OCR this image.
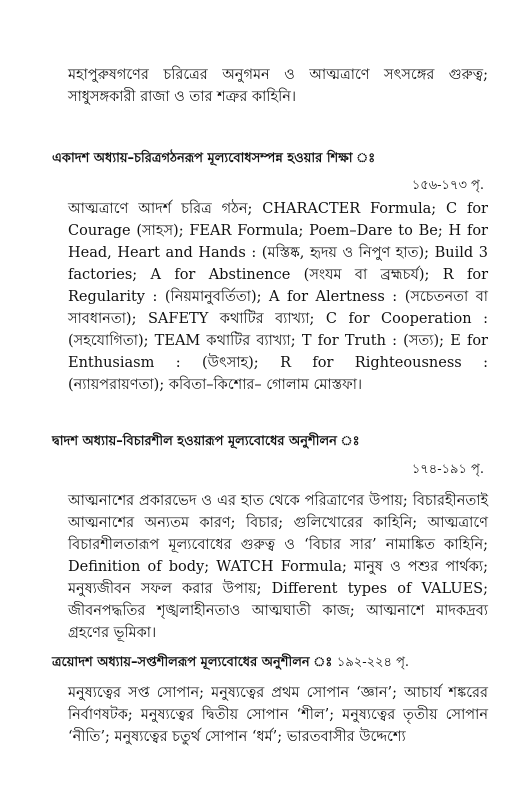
মহাপুরুষগণের চরিত্রের অনুগমন ও আত্মত্রাণে সৎসঙ্গের গুরুত্ব; সাধুসঙ্গকারী রাজা ও তার শত্রুর কাহিনি।
একাদশ অধ্যায়–চরিত্রগঠনরূপ মূল্যবোধসম্পন্ন হওয়ার শিক্ষা ঃ
১৫৬-১৭৩ পৃ.
আত্মত্রাণে আদর্শ চরিত্র গঠন; CHARACTER Formula; C for Courage (সাহস); FEAR Formula; Poem–Dare to Be; H for Head, Heart and Hands : (মস্তিষ্ক, হৃদয় ও নিপুণ হাত); Build 3 factories; A for Abstinence (সংযম বা ব্রহ্মচর্য); R for Regularity : (নিয়মানুবর্তিতা); A for Alertness : (সচেতনতা বা সাবধানতা); SAFETY কথাটির ব্যাখ্যা; C for Cooperation : (সহযোগিতা); TEAM কথাটির ব্যাখ্যা; T for Truth : (সত্য); E for Enthusiasm : (উৎসাহ); R for Righteousness : (ন্যায়পরায়ণতা); কবিতা–কিশোর– গোলাম মোস্তফা।
দ্বাদশ অধ্যায়–বিচারশীল হওয়ারূপ মূল্যবোধের অনুশীলন ঃ
১৭৪-১৯১ পৃ.
আত্মনাশের প্রকারভেদ ও এর হাত থেকে পরিত্রাণের উপায়; বিচারহীনতাই আত্মনাশের অন্যতম কারণ; বিচার; গুলিখোরের কাহিনি; আত্মত্রাণে বিচারশীলতারূপ মূল্যবোধের গুরুত্ব ও ‘বিচার সার’ নামাঙ্কিত কাহিনি; Definition of body; WATCH Formula; মানুষ ও পশুর পার্থক্য; মনুষ্যজীবন সফল করার উপায়; Different types of VALUES; জীবনপদ্ধতির শৃঙ্খলাহীনতাও আত্মঘাতী কাজ; আত্মনাশে মাদকদ্রব্য গ্রহণের ভূমিকা।
ত্রয়োদশ অধ্যায়–সপ্তশীলরূপ মূল্যবোধের অনুশীলন ঃ ১৯২-২২৪ পৃ.
মনুষ্যত্বের সপ্ত সোপান; মনুষ্যত্বের প্রথম সোপান ‘জ্ঞান’; আচার্য শঙ্করের নির্বাণষটক; মনুষ্যত্বের দ্বিতীয় সোপান ‘শীল’; মনুষ্যত্বের তৃতীয় সোপান ‘নীতি’; মনুষ্যত্বের চতুর্থ সোপান ‘ধর্ম’; ভারতবাসীর উদ্দেশ্যে
